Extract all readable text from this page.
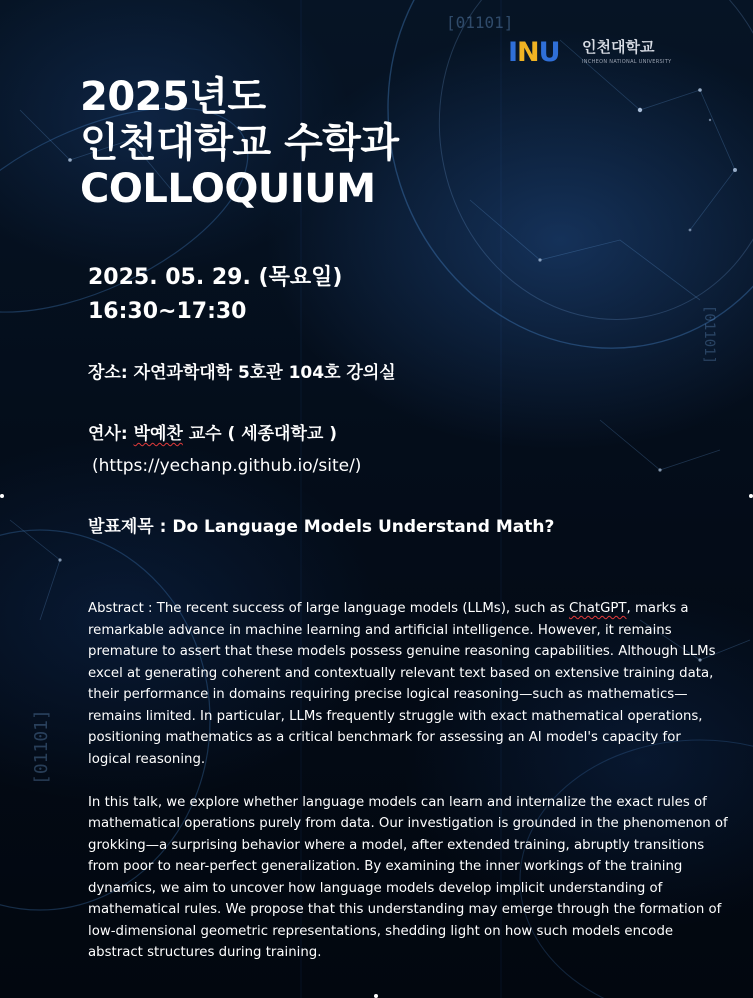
[01101]
[01101]
[01101]
INU 인천대학교
INCHEON NATIONAL UNIVERSITY
2025년도
인천대학교 수학과
COLLOQUIUM
2025. 05. 29. (목요일)
16:30~17:30
장소: 자연과학대학 5호관 104호 강의실
연사: 박예찬 교수 ( 세종대학교 )
(https://yechanp.github.io/site/)
발표제목 : Do Language Models Understand Math?

Abstract : The recent success of large language models (LLMs), such as ChatGPT, marks a remarkable advance in machine learning and artificial intelligence. However, it remains premature to assert that these models possess genuine reasoning capabilities. Although LLMs excel at generating coherent and contextually relevant text based on extensive training data, their performance in domains requiring precise logical reasoning—such as mathematics—remains limited. In particular, LLMs frequently struggle with exact mathematical operations, positioning mathematics as a critical benchmark for assessing an AI model's capacity for logical reasoning.

In this talk, we explore whether language models can learn and internalize the exact rules of mathematical operations purely from data. Our investigation is grounded in the phenomenon of grokking—a surprising behavior where a model, after extended training, abruptly transitions from poor to near-perfect generalization. By examining the inner workings of the training dynamics, we aim to uncover how language models develop implicit understanding of mathematical rules. We propose that this understanding may emerge through the formation of low-dimensional geometric representations, shedding light on how such models encode abstract structures during training.
